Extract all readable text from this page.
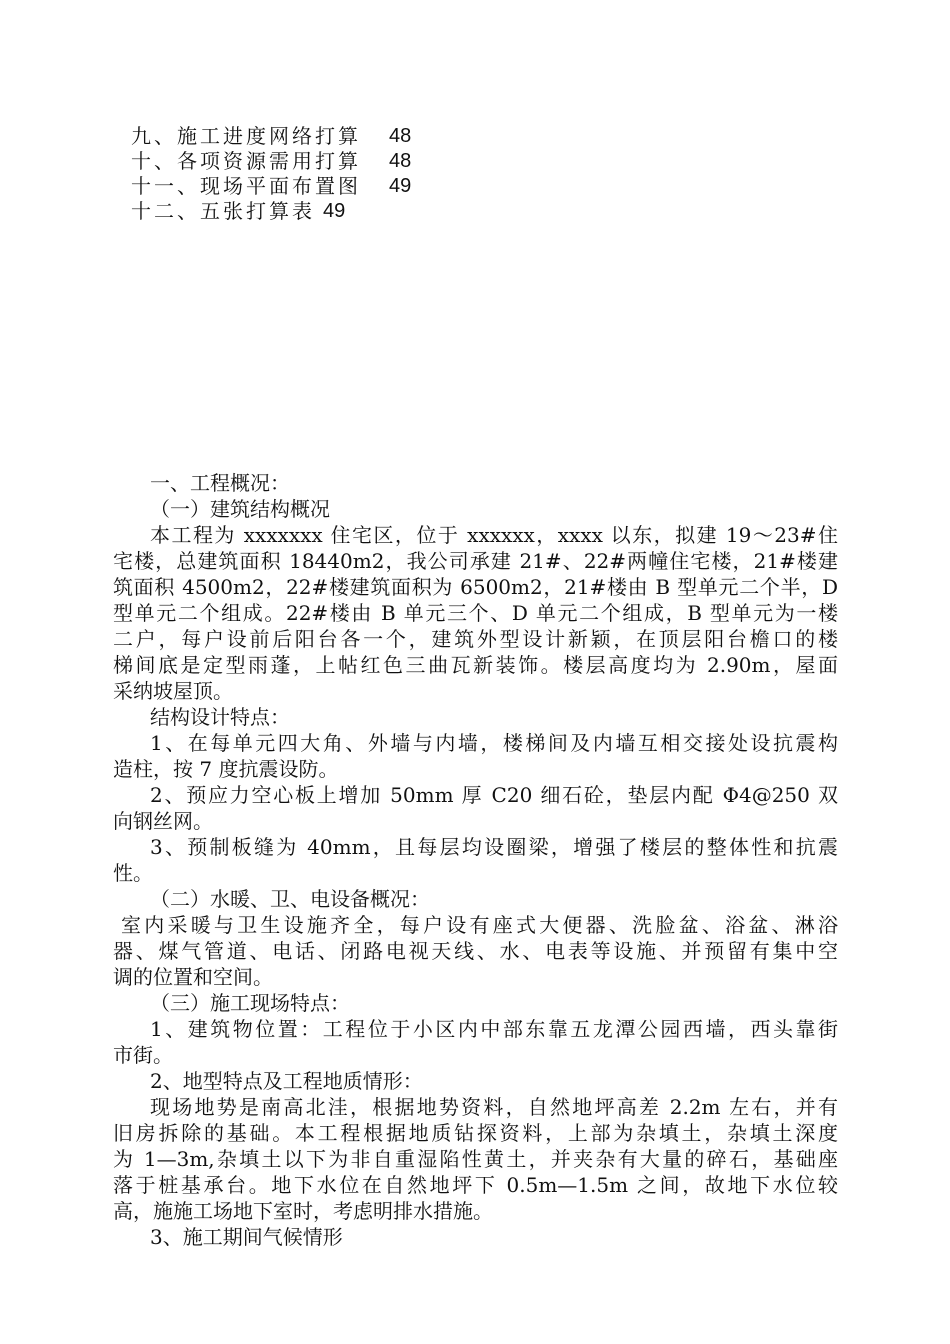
九、施工进度网络打算 48
十、各项资源需用打算 48
十一、现场平面布置图 49
十二、五张打算表 49
一、工程概况：
（一）建筑结构概况
本工程为 xxxxxxx 住宅区，位于 xxxxxx，xxxx 以东，拟建 19～23#住
宅楼，总建筑面积 18440m2，我公司承建 21#、22#两幢住宅楼，21#楼建
筑面积 4500m2，22#楼建筑面积为 6500m2，21#楼由 B 型单元二个半，D
型单元二个组成。22#楼由 B 单元三个、D 单元二个组成，B 型单元为一楼
二户，每户设前后阳台各一个，建筑外型设计新颖，在顶层阳台檐口的楼
梯间底是定型雨蓬，上帖红色三曲瓦新装饰。楼层高度均为 2.90m，屋面
采纳坡屋顶。
结构设计特点：
1、在每单元四大角、外墙与内墙，楼梯间及内墙互相交接处设抗震构
造柱，按 7 度抗震设防。
2、预应力空心板上增加 50mm 厚 C20 细石砼，垫层内配 Φ4@250 双
向钢丝网。
3、预制板缝为 40mm，且每层均设圈梁，增强了楼层的整体性和抗震
性。
（二）水暖、卫、电设备概况：
室内采暖与卫生设施齐全，每户设有座式大便器、洗脸盆、浴盆、淋浴
器、煤气管道、电话、闭路电视天线、水、电表等设施、并预留有集中空
调的位置和空间。
（三）施工现场特点：
1、建筑物位置：工程位于小区内中部东靠五龙潭公园西墙，西头靠街
市街。
2、地型特点及工程地质情形：
现场地势是南高北洼，根据地势资料，自然地坪高差 2.2m 左右，并有
旧房拆除的基础。本工程根据地质钻探资料，上部为杂填土，杂填土深度
为 1—3m,杂填土以下为非自重湿陷性黄土，并夹杂有大量的碎石，基础座
落于桩基承台。地下水位在自然地坪下 0.5m—1.5m 之间，故地下水位较
高，施施工场地下室时，考虑明排水措施。
3、施工期间气候情形
